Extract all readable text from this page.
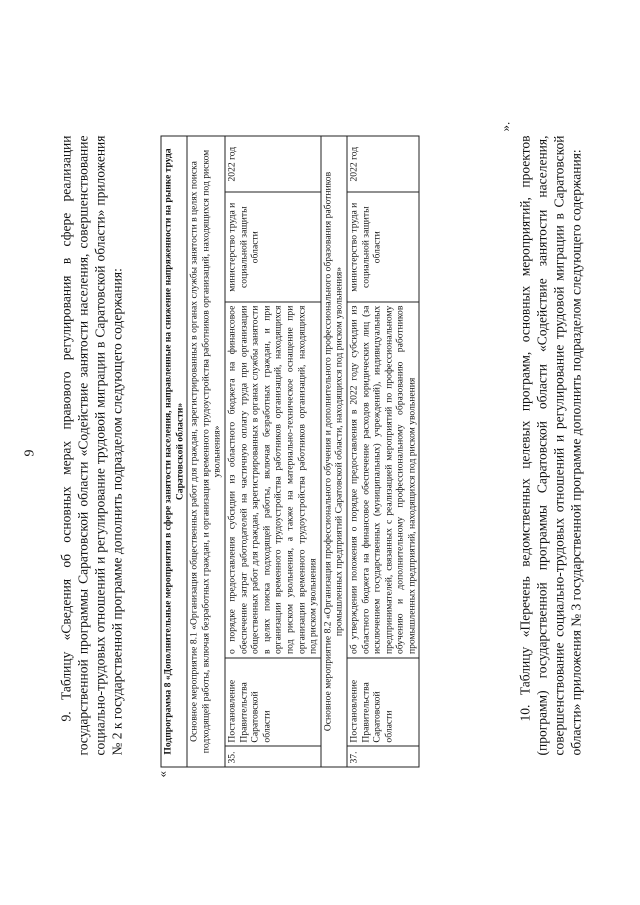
9 9. Таблицу «Сведения об основных мерах правового регулирования в сфере реализации государственной программы Саратовской области «Содействие занятости населения, совершенствование социально-трудовых отношений и регулирование трудовой миграции в Саратовской области» приложения № 2 к государственной программе дополнить подразделом следующего содержания:
«
Подпрограмма 8 «Дополнительные мероприятия в сфере занятости населения, направленные на снижение напряженности на рынке труда Саратовской области»				
Основное мероприятие 8.1 «Организация общественных работ для граждан, зарегистрированных в органах службы занятости в целях поиска подходящей работы, включая безработных граждан, и организация временного трудоустройства работников организаций, находящихся под риском увольнения»				
35.	Постановление Правительства Саратовской области	о порядке предоставления субсидии из областного бюджета на финансовое обеспечение затрат работодателей на частичную оплату труда при организации общественных работ для граждан, зарегистрированных в органах службы занятости в целях поиска подходящей работы, включая безработных граждан, и при организации временного трудоустройства работников организаций, находящихся под риском увольнения, а также на материально-техническое оснащение при организации временного трудоустройства работников организаций, находящихся под риском увольнения	министерство труда и социальной защиты области	2022 год
Основное мероприятие 8.2 «Организация профессионального обучения и дополнительного профессионального образования работников промышленных предприятий Саратовской области, находящихся под риском увольнения»				
37.	Постановление Правительства Саратовской области	об утверждении положения о порядке предоставления в 2022 году субсидии из областного бюджета на финансовое обеспечение расходов юридических лиц (за исключением государственных (муниципальных) учреждений), индивидуальных предпринимателей, связанных с реализацией мероприятий по профессиональному обучению и дополнительному профессиональному образованию работников промышленных предприятий, находящихся под риском увольнения	министерство труда и социальной защиты области	2022 год
».
10. Таблицу «Перечень ведомственных целевых программ, основных мероприятий, проектов (программ) государственной программы Саратовской области «Содействие занятости населения, совершенствование социально-трудовых отношений и регулирование трудовой миграции в Саратовской области» приложения № 3 государственной программе дополнить подразделом следующего содержания:
